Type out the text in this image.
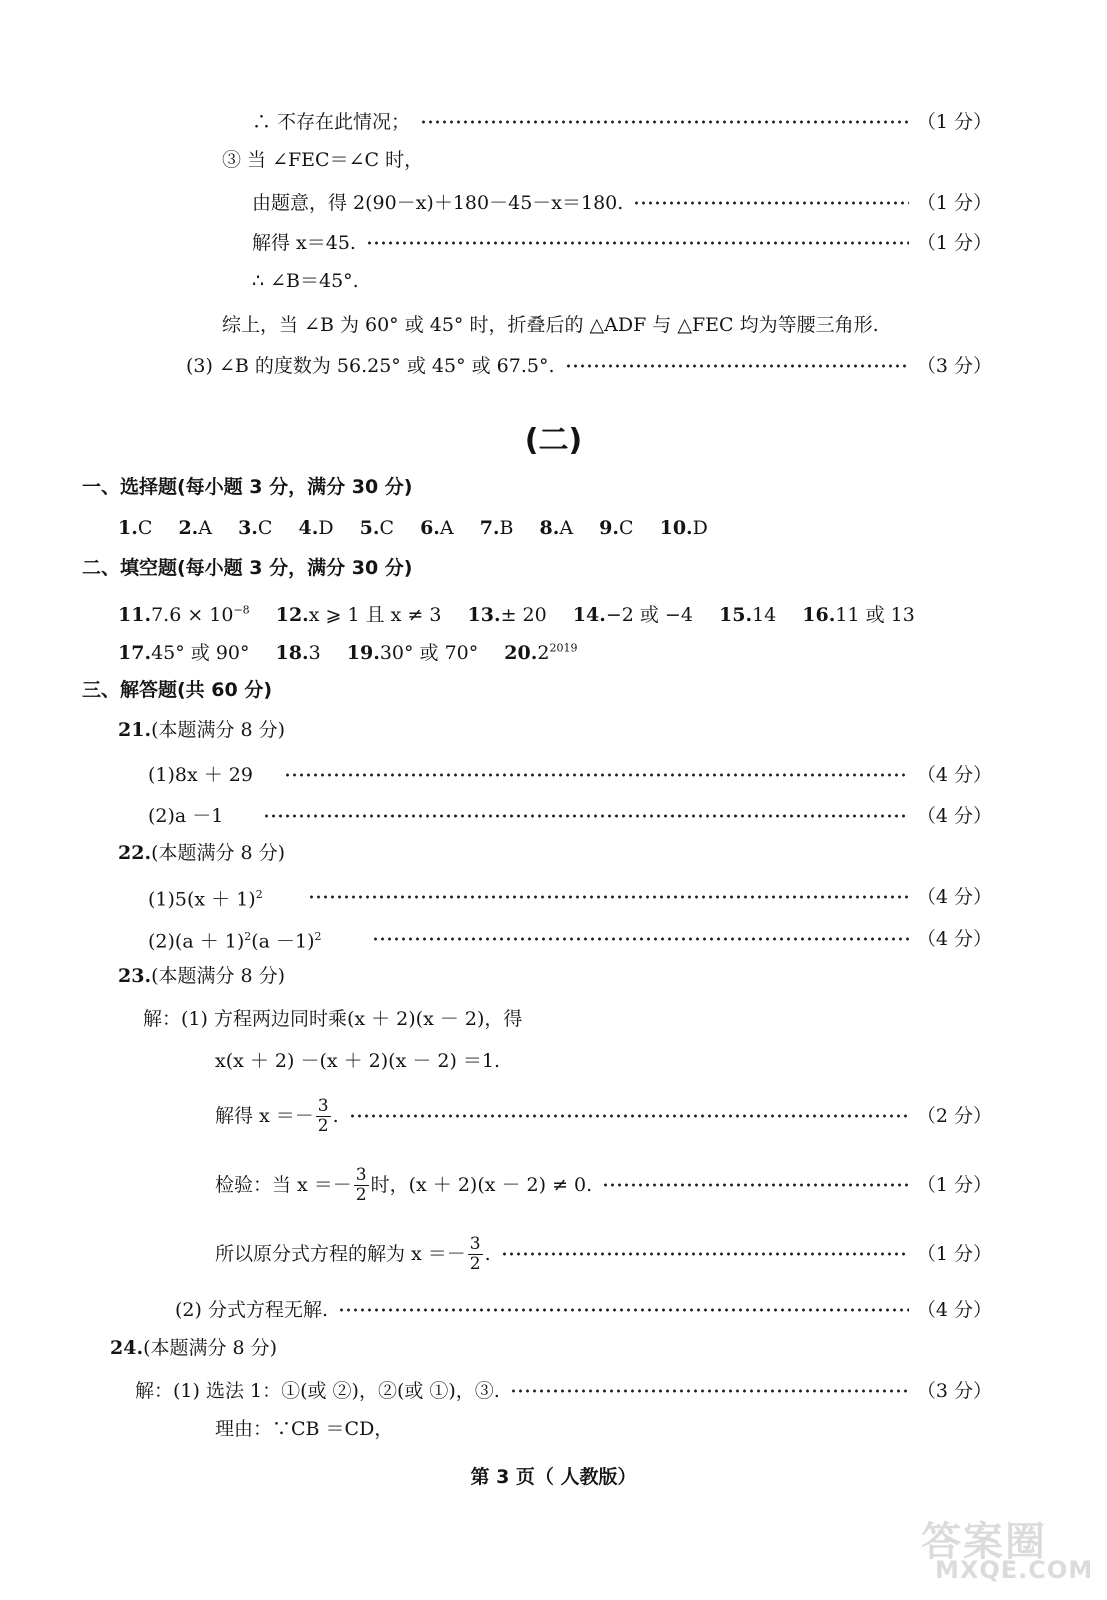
∴ 不存在此情况；	（1 分）
③ 当 ∠FEC＝∠C 时，
由题意，得 2(90－x)＋180－45－x＝180.	（1 分）
解得 x＝45.	（1 分）
∴ ∠B＝45°.
综上，当 ∠B 为 60° 或 45° 时，折叠后的 △ADF 与 △FEC 均为等腰三角形.
(3) ∠B 的度数为 56.25° 或 45° 或 67.5°.	（3 分）
(二)
一、选择题(每小题 3 分，满分 30 分)
1.C 2.A 3.C 4.D 5.C 6.A 7.B 8.A 9.C 10.D
二、填空题(每小题 3 分，满分 30 分)
$11.7.6 \times 10^{-8}$ 12.x ⩾ 1 且 x ≠ 3 13.± 20 14.−2 或 −4 15.14 16.11 或 13
17.45° 或 90° 18.3 19.30° 或 70° $20.2^{2019}$
三、解答题(共 60 分)
21.(本题满分 8 分)
(1)8x ＋ 29	（4 分）
(2)a －1	（4 分）
22.(本题满分 8 分)
$(1)5(x + 1)^2$	（4 分）
$(2)(a + 1)^2(a -1)^2$	（4 分）
23.(本题满分 8 分)
解：(1) 方程两边同时乘(x ＋ 2)(x － 2)，得
x(x ＋ 2) －(x ＋ 2)(x － 2) ＝1.
解得 $x =- \frac{3}{2}$ .	（2 分）
检验：当 $x =- \frac{3}{2}$ 时，(x ＋ 2)(x － 2) ≠ 0.	（1 分）
所以原分式方程的解为 $x =- \frac{3}{2}$ .	（1 分）
(2) 分式方程无解.	（4 分）
24.(本题满分 8 分)
解：(1) 选法 1：①(或 ②)，②(或 ①)，③.	（3 分）
理由：∵CB ＝CD，
第 3 页（ 人教版）
答案圈
MXQE.COM
